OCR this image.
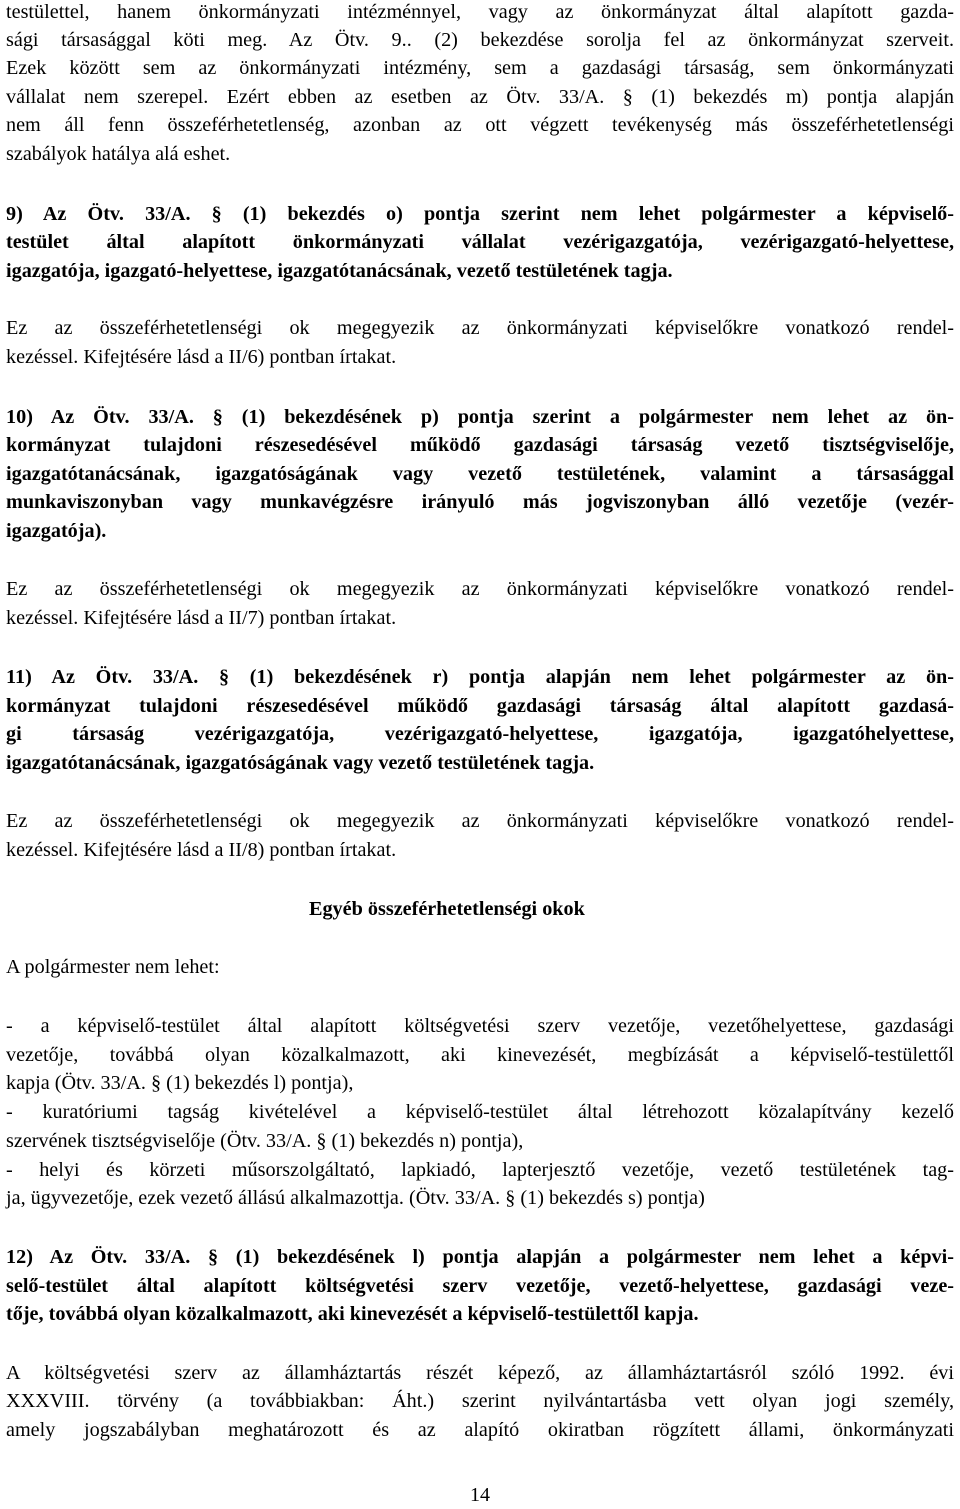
testülettel, hanem önkormányzati intézménnyel, vagy az önkormányzat által alapított gazda-
sági társasággal köti meg. Az Ötv. 9.. (2) bekezdése sorolja fel az önkormányzat szerveit.
Ezek között sem az önkormányzati intézmény, sem a gazdasági társaság, sem önkormányzati
vállalat nem szerepel. Ezért ebben az esetben az Ötv. 33/A. § (1) bekezdés m) pontja alapján
nem áll fenn összeférhetetlenség, azonban az ott végzett tevékenység más összeférhetetlenségi
szabályok hatálya alá eshet.
9) Az Ötv. 33/A. § (1) bekezdés o) pontja szerint nem lehet polgármester a képviselő-
testület által alapított önkormányzati vállalat vezérigazgatója, vezérigazgató-helyettese,
igazgatója, igazgató-helyettese, igazgatótanácsának, vezető testületének tagja.
Ez az összeférhetetlenségi ok megegyezik az önkormányzati képviselőkre vonatkozó rendel-
kezéssel. Kifejtésére lásd a II/6) pontban írtakat.
10) Az Ötv. 33/A. § (1) bekezdésének p) pontja szerint a polgármester nem lehet az ön-
kormányzat tulajdoni részesedésével működő gazdasági társaság vezető tisztségviselője,
igazgatótanácsának, igazgatóságának vagy vezető testületének, valamint a társasággal
munkaviszonyban vagy munkavégzésre irányuló más jogviszonyban álló vezetője (vezér-
igazgatója).
Ez az összeférhetetlenségi ok megegyezik az önkormányzati képviselőkre vonatkozó rendel-
kezéssel. Kifejtésére lásd a II/7) pontban írtakat.
11) Az Ötv. 33/A. § (1) bekezdésének r) pontja alapján nem lehet polgármester az ön-
kormányzat tulajdoni részesedésével működő gazdasági társaság által alapított gazdasá-
gi társaság vezérigazgatója, vezérigazgató-helyettese, igazgatója, igazgatóhelyettese,
igazgatótanácsának, igazgatóságának vagy vezető testületének tagja.
Ez az összeférhetetlenségi ok megegyezik az önkormányzati képviselőkre vonatkozó rendel-
kezéssel. Kifejtésére lásd a II/8) pontban írtakat.
Egyéb összeférhetetlenségi okok
A polgármester nem lehet:
- a képviselő-testület által alapított költségvetési szerv vezetője, vezetőhelyettese, gazdasági
vezetője, továbbá olyan közalkalmazott, aki kinevezését, megbízását a képviselő-testülettől
kapja (Ötv. 33/A. § (1) bekezdés l) pontja),
- kuratóriumi tagság kivételével a képviselő-testület által létrehozott közalapítvány kezelő
szervének tisztségviselője (Ötv. 33/A. § (1) bekezdés n) pontja),
- helyi és körzeti műsorszolgáltató, lapkiadó, lapterjesztő vezetője, vezető testületének tag-
ja, ügyvezetője, ezek vezető állású alkalmazottja. (Ötv. 33/A. § (1) bekezdés s) pontja)
12) Az Ötv. 33/A. § (1) bekezdésének l) pontja alapján a polgármester nem lehet a képvi-
selő-testület által alapított költségvetési szerv vezetője, vezető-helyettese, gazdasági veze-
tője, továbbá olyan közalkalmazott, aki kinevezését a képviselő-testülettől kapja.
A költségvetési szerv az államháztartás részét képező, az államháztartásról szóló 1992. évi
XXXVIII. törvény (a továbbiakban: Áht.) szerint nyilvántartásba vett olyan jogi személy,
amely jogszabályban meghatározott és az alapító okiratban rögzített állami, önkormányzati
14
